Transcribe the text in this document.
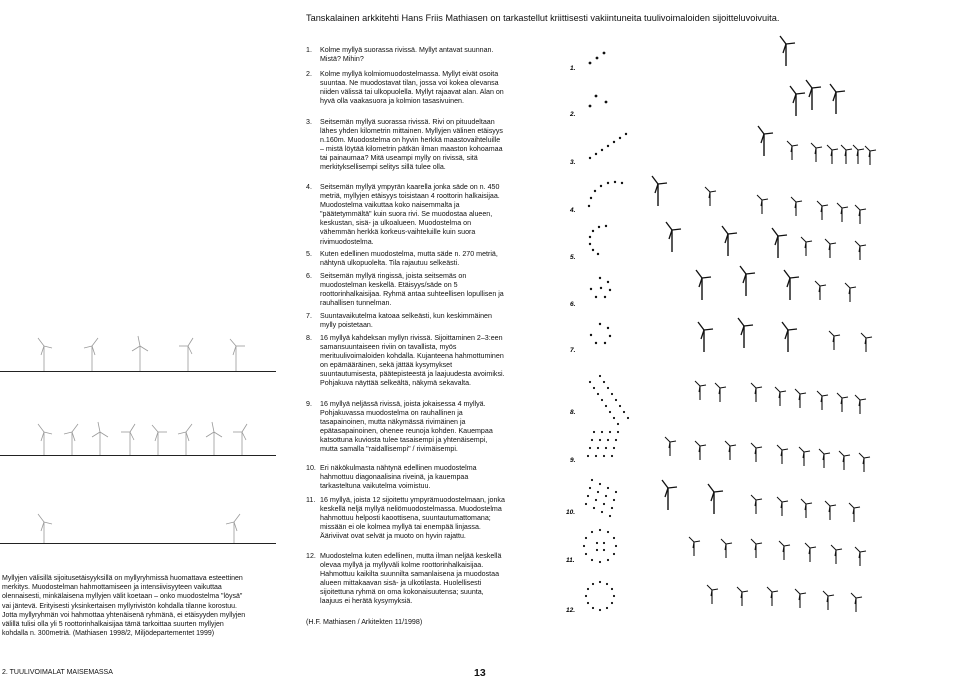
Tanskalainen arkkitehti Hans Friis Mathiasen on tarkastellut kriittisesti vakiintuneita tuulivoimaloiden sijoitteluvoivuita.
1. Kolme myllyä suorassa rivissä. Myllyt antavat suunnan. Mistä? Mihin?
2. Kolme myllyä kolmiomuodostelmassa. Myllyt eivät osoita suuntaa. Ne muodostavat tilan, jossa voi kokea olevansa niiden välissä tai ulkopuolella. Myllyt rajaavat alan. Alan on hyvä olla vaakasuora ja kolmion tasasivuinen.
3. Seitsemän myllyä suorassa rivissä. Rivi on pituudeltaan lähes yhden kilometrin mittainen. Myllyjen välinen etäisyys n.160m. Muodostelma on hyvin herkkä maastovaihteluille – mistä löytää kilometrin pätkän ilman maaston kohoamaa tai painaumaa? Mitä useampi mylly on rivissä, sitä merkityksellisempi selitys sillä tulee olla.
4. Seitsemän myllyä ympyrän kaarella jonka säde on n. 450 metriä, myllyjen etäisyys toisistaan 4 roottorin halkaisijaa. Muodostelma vaikuttaa koko naisemmalta ja "päätetymmältä" kuin suora rivi. Se muodostaa alueen, keskustan, sisä- ja ulkoalueen. Muodostelma on vähemmän herkkä korkeus-vaihteluille kuin suora rivimuodostelma.
5. Kuten edellinen muodostelma, mutta säde n. 270 metriä, nähtynä ulkopuolelta. Tila rajautuu selkeästi.
6. Seitsemän myllyä ringissä, joista seitsemäs on muodostelman keskellä. Etäisyys/säde on 5 roottorinhalkaisijaa. Ryhmä antaa suhteellisen lopullisen ja rauhallisen tunnelman.
7. Suuntavaikutelma katoaa selkeästi, kun keskimmäinen mylly poistetaan.
8. 16 myllyä kahdeksan myllyn rivissä. Sijoittaminen 2–3:een samansuuntaiseen riviin on tavallista, myös merituulivoimaloiden kohdalla. Kujanteena hahmottuminen on epämääräinen, sekä jättää kysymykset suuntautumisesta, päätepisteestä ja laajuudesta avoimiksi. Pohjakuva näyttää selkeältä, näkymä sekavalta.
9. 16 myllyä neljässä rivissä, joista jokaisessa 4 myllyä. Pohjakuvassa muodostelma on rauhallinen ja tasapainoinen, mutta näkymässä rivimäinen ja epätasapainoinen, ohenee reunoja kohden. Kauempaa katsottuna kuviosta tulee tasaisempi ja yhtenäisempi, mutta samalla "raidallisempi" / rivimäisempi.
10. Eri näkökulmasta nähtynä edellinen muodostelma hahmottuu diagonaalisina riveinä, ja kauempaa tarkasteltuna vaikutelma voimistuu.
11. 16 myllyä, joista 12 sijoitettu ympyrämuodostelmaan, jonka keskellä neljä myllyä neliömuodostelmassa. Muodostelma hahmottuu helposti kaoottisena, suuntautumattomana; missään ei ole kolmea myllyä tai enempää linjassa. Ääriviivat ovat selvät ja muoto on hyvin rajattu.
12. Muodostelma kuten edellinen, mutta ilman neljää keskellä olevaa myllyä ja myllyväli kolme roottorinhalkaisijaa. Hahmottuu kaikilta suunnilta samanlaisena ja muodostaa alueen mittakaavan sisä- ja ulkotilasta. Huolellisesti sijoitettuna ryhmä on oma kokonaisuutensa; suunta, laajuus ei herätä kysymyksiä.
(H.F. Mathiasen / Arkitekten 11/1998)
Myllyjen välisillä sijoitusetäisyyksillä on myllyryhmissä huomattava esteettinen merkitys. Muodostelman hahmottamiseen ja intensiivisyyteen vaikuttaa olennaisesti, minkälaisena myllyjen välit koetaan – onko muodostelma "löysä" vai jäntevä. Erityisesti yksinkertaisen myllyrivistön kohdalla tilanne korostuu. Jotta myllyryhmän voi hahmottaa yhtenäisenä ryhmänä, ei etäisyyden myllyjen välillä tulisi olla yli 5 roottorinhalkaisijaa tämä tarkoittaa suurten myllyjen kohdalla n. 300metriä. (Mathiasen 1998/2, Miljödepartementet 1999)
1.
2.
3.
4.
5.
6.
7.
8.
9.
10.
11.
12.
2. TUULIVOIMALAT MAISEMASSA	13
